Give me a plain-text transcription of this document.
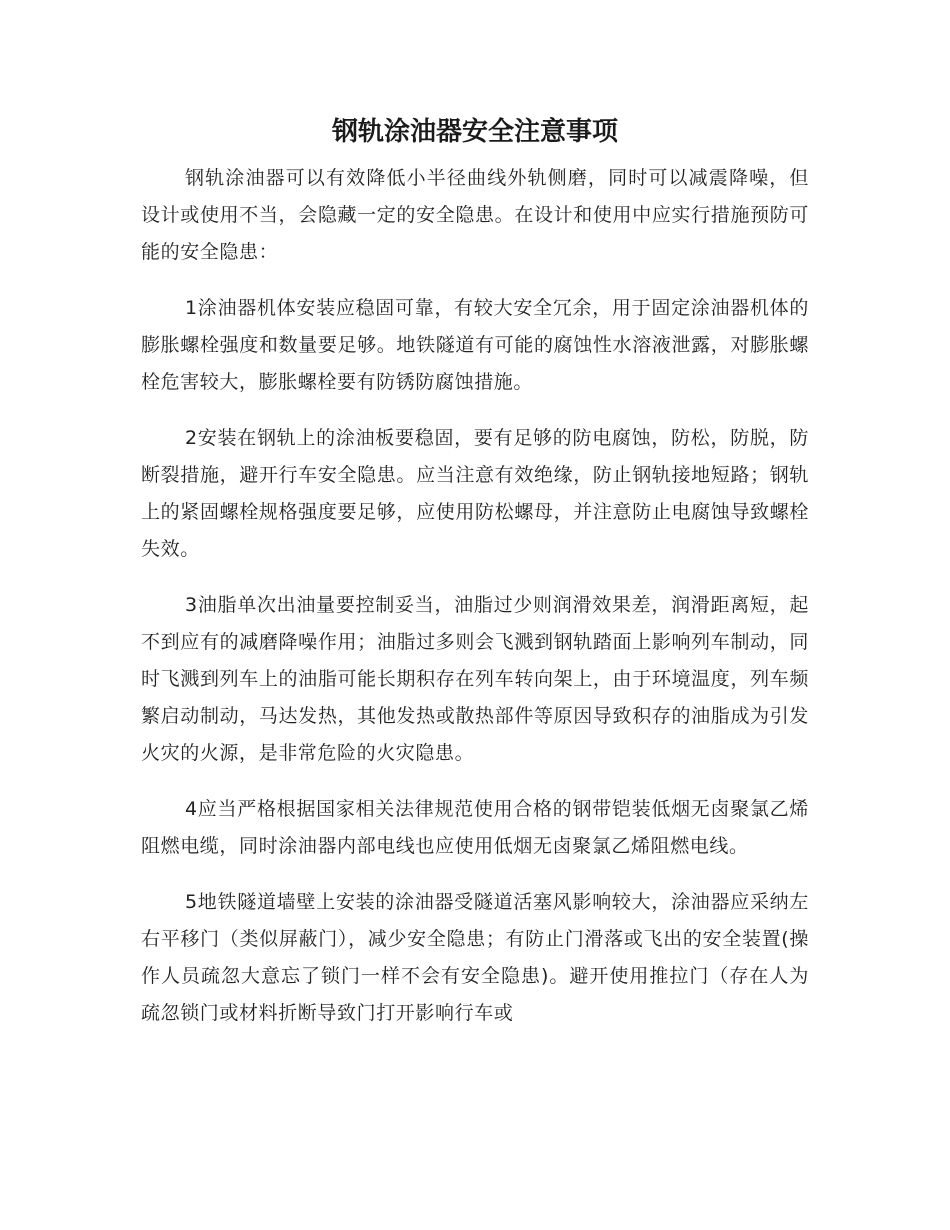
钢轨涂油器安全注意事项

钢轨涂油器可以有效降低小半径曲线外轨侧磨，同时可以减震降噪，但设计或使用不当，会隐藏一定的安全隐患。在设计和使用中应实行措施预防可能的安全隐患：

1涂油器机体安装应稳固可靠，有较大安全冗余，用于固定涂油器机体的膨胀螺栓强度和数量要足够。地铁隧道有可能的腐蚀性水溶液泄露，对膨胀螺栓危害较大，膨胀螺栓要有防锈防腐蚀措施。

2安装在钢轨上的涂油板要稳固，要有足够的防电腐蚀，防松，防脱，防断裂措施，避开行车安全隐患。应当注意有效绝缘，防止钢轨接地短路；钢轨上的紧固螺栓规格强度要足够，应使用防松螺母，并注意防止电腐蚀导致螺栓失效。

3油脂单次出油量要控制妥当，油脂过少则润滑效果差，润滑距离短，起不到应有的减磨降噪作用；油脂过多则会飞溅到钢轨踏面上影响列车制动，同时飞溅到列车上的油脂可能长期积存在列车转向架上，由于环境温度，列车频繁启动制动，马达发热，其他发热或散热部件等原因导致积存的油脂成为引发火灾的火源，是非常危险的火灾隐患。

4应当严格根据国家相关法律规范使用合格的钢带铠装低烟无卤聚氯乙烯阻燃电缆，同时涂油器内部电线也应使用低烟无卤聚氯乙烯阻燃电线。

5地铁隧道墙壁上安装的涂油器受隧道活塞风影响较大，涂油器应采纳左右平移门（类似屏蔽门），减少安全隐患；有防止门滑落或飞出的安全装置(操作人员疏忽大意忘了锁门一样不会有安全隐患)。避开使用推拉门（存在人为疏忽锁门或材料折断导致门打开影响行车或
